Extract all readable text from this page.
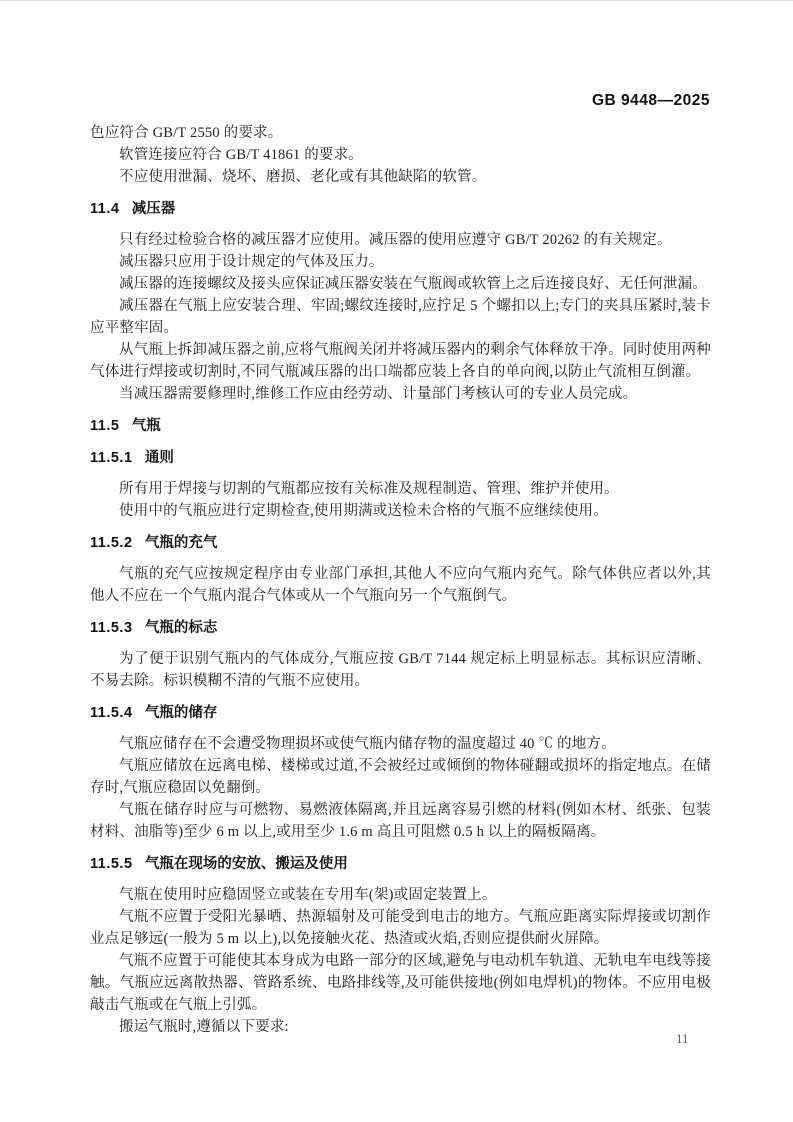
GB 9448—2025

色应符合 GB/T 2550 的要求。

软管连接应符合 GB/T 41861 的要求。

不应使用泄漏、烧坏、磨损、老化或有其他缺陷的软管。

11.4 减压器

只有经过检验合格的减压器才应使用。减压器的使用应遵守 GB/T 20262 的有关规定。

减压器只应用于设计规定的气体及压力。

减压器的连接螺纹及接头应保证减压器安装在气瓶阀或软管上之后连接良好、无任何泄漏。

减压器在气瓶上应安装合理、牢固;螺纹连接时,应拧足 5 个螺扣以上;专门的夹具压紧时,装卡应平整牢固。

从气瓶上拆卸减压器之前,应将气瓶阀关闭并将减压器内的剩余气体释放干净。同时使用两种气体进行焊接或切割时,不同气瓶减压器的出口端都应装上各自的单向阀,以防止气流相互倒灌。

当减压器需要修理时,维修工作应由经劳动、计量部门考核认可的专业人员完成。

11.5 气瓶
11.5.1 通则

所有用于焊接与切割的气瓶都应按有关标准及规程制造、管理、维护并使用。

使用中的气瓶应进行定期检查,使用期满或送检未合格的气瓶不应继续使用。

11.5.2 气瓶的充气

气瓶的充气应按规定程序由专业部门承担,其他人不应向气瓶内充气。除气体供应者以外,其他人不应在一个气瓶内混合气体或从一个气瓶向另一个气瓶倒气。

11.5.3 气瓶的标志

为了便于识别气瓶内的气体成分,气瓶应按 GB/T 7144 规定标上明显标志。其标识应清晰、不易去除。标识模糊不清的气瓶不应使用。

11.5.4 气瓶的储存

气瓶应储存在不会遭受物理损坏或使气瓶内储存物的温度超过 40 ℃ 的地方。

气瓶应储放在远离电梯、楼梯或过道,不会被经过或倾倒的物体碰翻或损坏的指定地点。在储存时,气瓶应稳固以免翻倒。

气瓶在储存时应与可燃物、易燃液体隔离,并且远离容易引燃的材料(例如木材、纸张、包装材料、油脂等)至少 6 m 以上,或用至少 1.6 m 高且可阻燃 0.5 h 以上的隔板隔离。

11.5.5 气瓶在现场的安放、搬运及使用

气瓶在使用时应稳固竖立或装在专用车(架)或固定装置上。

气瓶不应置于受阳光暴晒、热源辐射及可能受到电击的地方。气瓶应距离实际焊接或切割作业点足够远(一般为 5 m 以上),以免接触火花、热渣或火焰,否则应提供耐火屏障。

气瓶不应置于可能使其本身成为电路一部分的区域,避免与电动机车轨道、无轨电车电线等接触。气瓶应远离散热器、管路系统、电路排线等,及可能供接地(例如电焊机)的物体。不应用电极敲击气瓶或在气瓶上引弧。

搬运气瓶时,遵循以下要求:

11
